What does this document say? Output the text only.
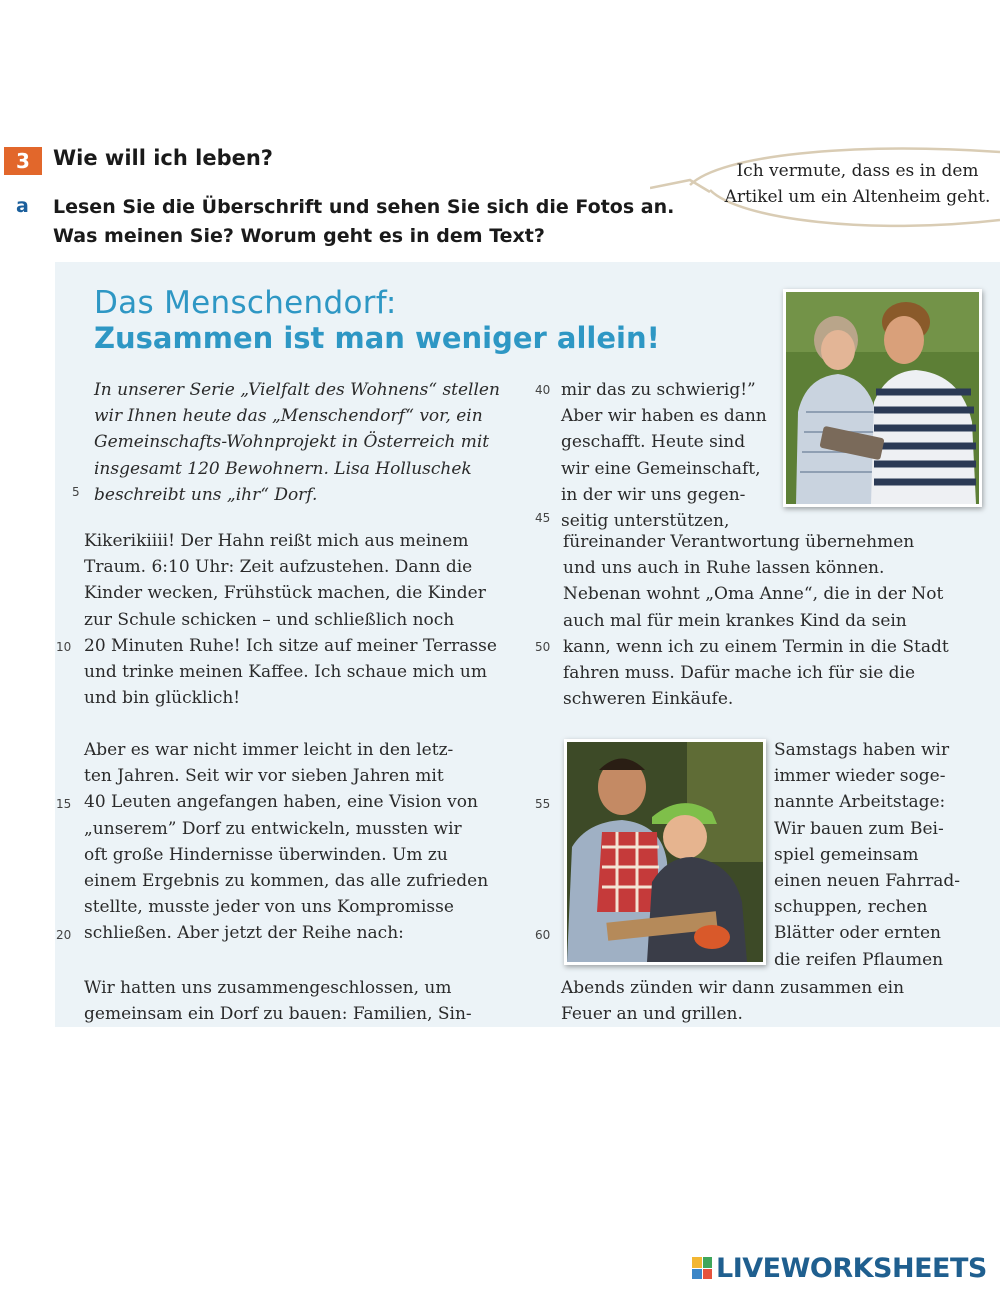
3	Wie will ich leben?
a Lesen Sie die Überschrift und sehen Sie sich die Fotos an.
Was meinen Sie? Worum geht es in dem Text?
Ich vermute, dass es in dem
Artikel um ein Altenheim geht.
Das Menschendorf:
Zusammen ist man weniger allein!
In unserer Serie „Vielfalt des Wohnens“ stellen
wir Ihnen heute das „Menschendorf“ vor, ein
Gemeinschafts-Wohnprojekt in Österreich mit
insgesamt 120 Bewohnern. Lisa Holluschek
beschreibt uns „ihr“ Dorf.
Kikerikiiii! Der Hahn reißt mich aus meinem
Traum. 6:10 Uhr: Zeit aufzustehen. Dann die
Kinder wecken, Frühstück machen, die Kinder
zur Schule schicken – und schließlich noch
20 Minuten Ruhe! Ich sitze auf meiner Terrasse
und trinke meinen Kaffee. Ich schaue mich um
und bin glücklich!
Aber es war nicht immer leicht in den letz-
ten Jahren. Seit wir vor sieben Jahren mit
40 Leuten angefangen haben, eine Vision von
„unserem” Dorf zu entwickeln, mussten wir
oft große Hindernisse überwinden. Um zu
einem Ergebnis zu kommen, das alle zufrieden
stellte, musste jeder von uns Kompromisse
schließen. Aber jetzt der Reihe nach:
Wir hatten uns zusammengeschlossen, um
gemeinsam ein Dorf zu bauen: Familien, Sin-
mir das zu schwierig!”
Aber wir haben es dann
geschafft. Heute sind
wir eine Gemeinschaft,
in der wir uns gegen-
seitig unterstützen,
füreinander Verantwortung übernehmen
und uns auch in Ruhe lassen können.
Nebenan wohnt „Oma Anne“, die in der Not
auch mal für mein krankes Kind da sein
kann, wenn ich zu einem Termin in die Stadt
fahren muss. Dafür mache ich für sie die
schweren Einkäufe.
Samstags haben wir
immer wieder soge-
nannte Arbeitstage:
Wir bauen zum Bei-
spiel gemeinsam
einen neuen Fahrrad-
schuppen, rechen
Blätter oder ernten
die reifen Pflaumen
Abends zünden wir dann zusammen ein
Feuer an und grillen.
5
10
15
20
40
45
50
55
60
LIVEWORKSHEETS
